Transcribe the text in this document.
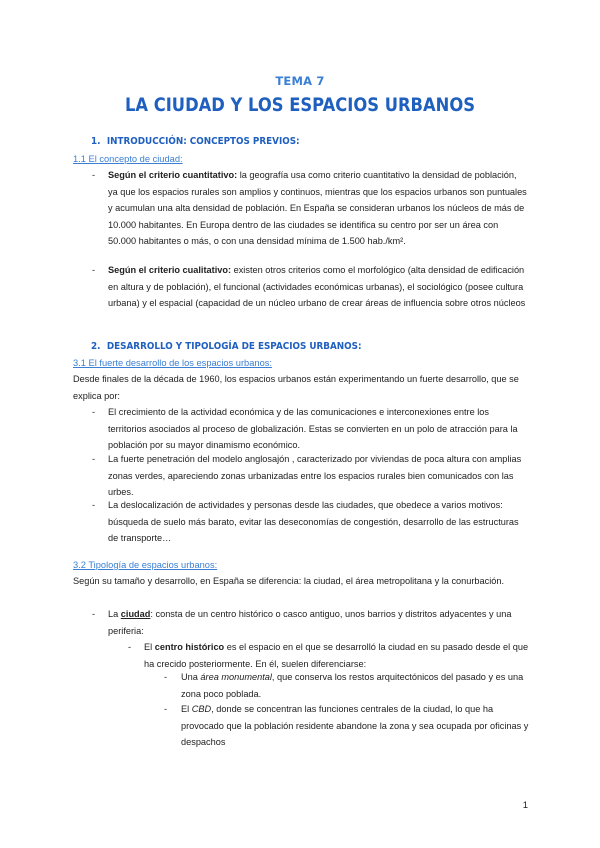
TEMA 7
LA CIUDAD Y LOS ESPACIOS URBANOS
1. INTRODUCCIÓN: CONCEPTOS PREVIOS:
1.1 El concepto de ciudad:
- Según el criterio cuantitativo: la geografía usa como criterio cuantitativo la densidad de población, ya que los espacios rurales son amplios y continuos, mientras que los espacios urbanos son puntuales y acumulan una alta densidad de población. En España se consideran urbanos los núcleos de más de 10.000 habitantes. En Europa dentro de las ciudades se identifica su centro por ser un área con 50.000 habitantes o más, o con una densidad mínima de 1.500 hab./km².
- Según el criterio cualitativo: existen otros criterios como el morfológico (alta densidad de edificación en altura y de población), el funcional (actividades económicas urbanas), el sociológico (posee cultura urbana) y el espacial (capacidad de un núcleo urbano de crear áreas de influencia sobre otros núcleos
2. DESARROLLO Y TIPOLOGÍA DE ESPACIOS URBANOS:
3.1 El fuerte desarrollo de los espacios urbanos:
Desde finales de la década de 1960, los espacios urbanos están experimentando un fuerte desarrollo, que se explica por:
- El crecimiento de la actividad económica y de las comunicaciones e interconexiones entre los territorios asociados al proceso de globalización. Estas se convierten en un polo de atracción para la población por su mayor dinamismo económico.
- La fuerte penetración del modelo anglosajón , caracterizado por viviendas de poca altura con amplias zonas verdes, apareciendo zonas urbanizadas entre los espacios rurales bien comunicados con las urbes.
- La deslocalización de actividades y personas desde las ciudades, que obedece a varios motivos: búsqueda de suelo más barato, evitar las deseconomías de congestión, desarrollo de las estructuras de transporte…
3.2 Tipología de espacios urbanos:
Según su tamaño y desarrollo, en España se diferencia: la ciudad, el área metropolitana y la conurbación.
- La ciudad: consta de un centro histórico o casco antiguo, unos barrios y distritos adyacentes y una periferia:
- El centro histórico es el espacio en el que se desarrolló la ciudad en su pasado desde el que ha crecido posteriormente. En él, suelen diferenciarse:
- Una área monumental, que conserva los restos arquitectónicos del pasado y es una zona poco poblada.
- El CBD, donde se concentran las funciones centrales de la ciudad, lo que ha provocado que la población residente abandone la zona y sea ocupada por oficinas y despachos
1
